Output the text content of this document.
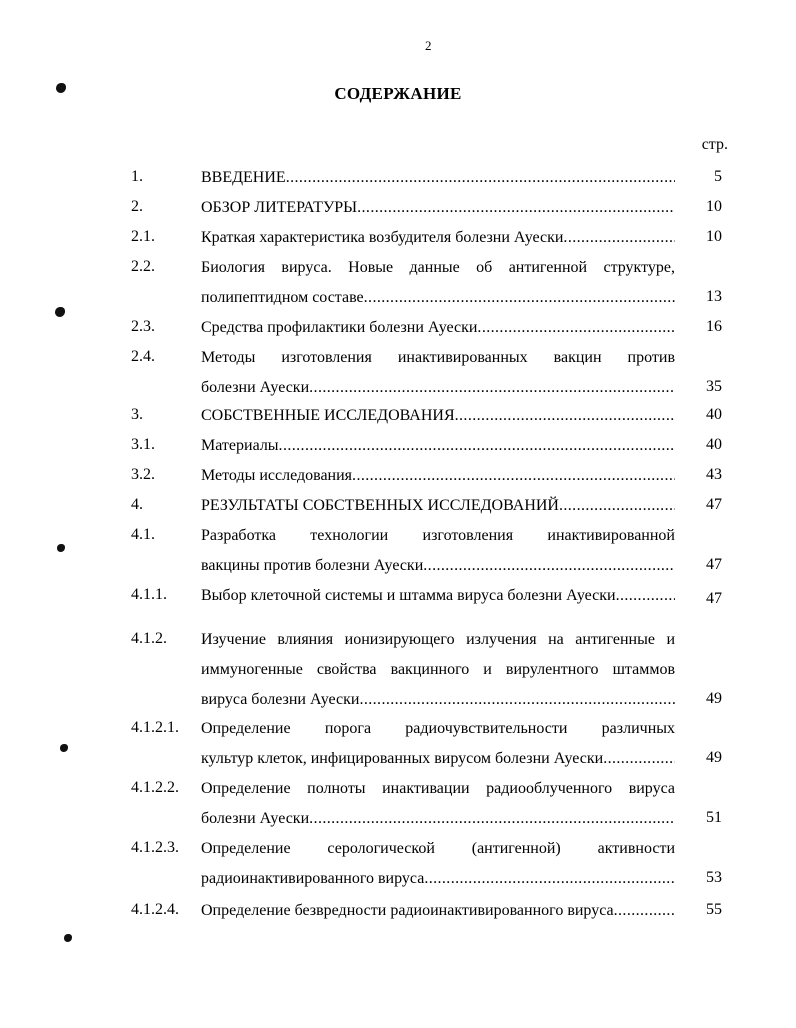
2
СОДЕРЖАНИЕ
стр.
1.	ВВЕДЕНИЕ .....	5
2.	ОБЗОР ЛИТЕРАТУРЫ .....	10
2.1.	Краткая характеристика возбудителя болезни Ауески .....	10
2.2.	Биология вируса. Новые данные об антигенной структуре,
полипептидном составе .....	13
2.3.	Средства профилактики болезни Ауески .....	16
2.4.	Методы изготовления инактивированных вакцин против
болезни Ауески .....	35
3.	СОБСТВЕННЫЕ ИССЛЕДОВАНИЯ .....	40
3.1.	Материалы .....	40
3.2.	Методы исследования .....	43
4.	РЕЗУЛЬТАТЫ СОБСТВЕННЫХ ИССЛЕДОВАНИЙ .....	47
4.1.	Разработка технологии изготовления инактивированной
вакцины против болезни Ауески .....	47
4.1.1. Выбор клеточной системы и штамма вируса болезни Ауески .....	47
4.1.2. Изучение влияния ионизирующего излучения на антигенные и
иммуногенные свойства вакцинного и вирулентного штаммов
вируса болезни Ауески .....	49
4.1.2.1. Определение порога радиочувствительности различных
культур клеток, инфицированных вирусом болезни Ауески .....	49
4.1.2.2. Определение полноты инактивации радиооблученного вируса
болезни Ауески .....	51
4.1.2.3. Определение серологической (антигенной) активности
радиоинактивированного вируса .....	53
4.1.2.4. Определение безвредности радиоинактивированного вируса .....	55
